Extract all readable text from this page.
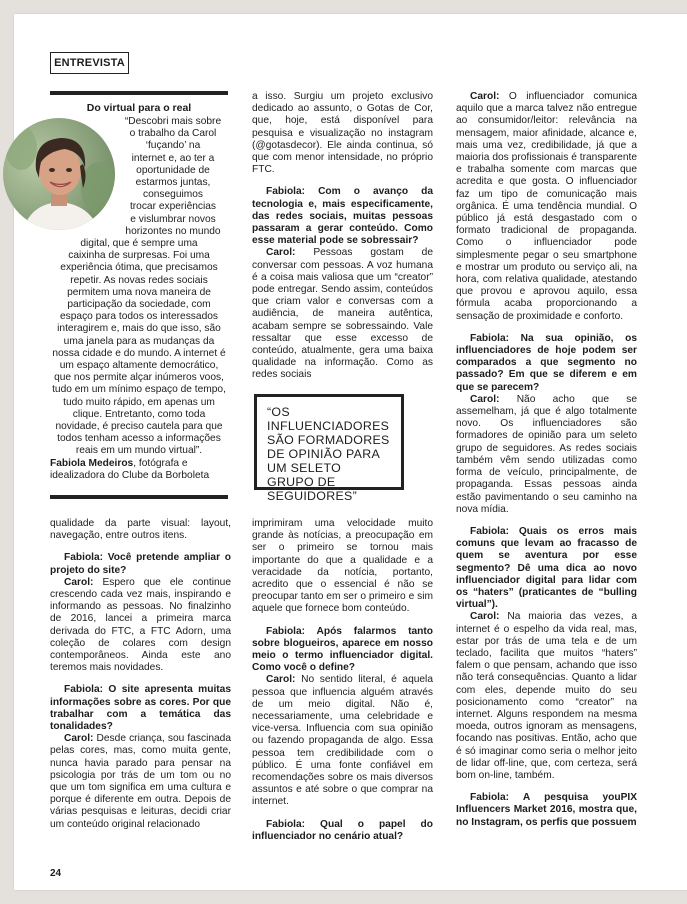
ENTREVISTA
Do virtual para o real
“Descobri mais sobre
o trabalho da Carol
‘fuçando’ na
internet e, ao ter a
oportunidade de
estarmos juntas,
conseguimos
trocar experiências
e vislumbrar novos
horizontes no mundo
digital, que é sempre uma
caixinha de surpresas. Foi uma
experiência ótima, que precisamos repetir. As novas redes sociais permitem uma nova maneira de participação da sociedade, com espaço para todos os interessados interagirem e, mais do que isso, são uma janela para as mudanças da nossa cidade e do mundo. A internet é um espaço altamente democrático, que nos permite alçar inúmeros voos, tudo em um mínimo espaço de tempo, tudo muito rápido, em apenas um clique. Entretanto, como toda novidade, é preciso cautela para que todos tenham acesso a informações reais em um mundo virtual”.
Fabiola Medeiros, fotógrafa e idealizadora do Clube da Borboleta

a isso. Surgiu um projeto exclusivo dedicado ao assunto, o Gotas de Cor, que, hoje, está disponível para pesquisa e visualização no instagram (@gotasdecor). Ele ainda continua, só que com menor intensidade, no próprio FTC.

Fabiola: Com o avanço da tecnologia e, mais especificamente, das redes sociais, muitas pessoas passaram a gerar conteúdo. Como esse material pode se sobressair?

Carol: Pessoas gostam de conversar com pessoas. A voz humana é a coisa mais valiosa que um “creator” pode entregar. Sendo assim, conteúdos que criam valor e conversas com a audiência, de maneira autêntica, acabam sempre se sobressaindo. Vale ressaltar que esse excesso de conteúdo, atualmente, gera uma baixa qualidade na informação. Como as redes sociais

Carol: O influenciador comunica aquilo que a marca talvez não entregue ao consumidor/leitor: relevância na mensagem, maior afinidade, alcance e, mais uma vez, credibilidade, já que a maioria dos profissionais é transparente e trabalha somente com marcas que acredita e que gosta. O influenciador faz um tipo de comunicação mais orgânica. É uma tendência mundial. O público já está desgastado com o formato tradicional de propaganda. Como o influenciador pode simplesmente pegar o seu smartphone e mostrar um produto ou serviço ali, na hora, com relativa qualidade, atestando que provou e aprovou aquilo, essa fórmula acaba proporcionando a sensação de proximidade e conforto.

Fabiola: Na sua opinião, os influenciadores de hoje podem ser comparados a que segmento no passado? Em que se diferem e em que se parecem?

Carol: Não acho que se assemelham, já que é algo totalmente novo. Os influenciadores são formadores de opinião para um seleto grupo de seguidores. As redes sociais também vêm sendo utilizadas como forma de veículo, principalmente, de propaganda. Essas pessoas ainda estão pavimentando o seu caminho na nova mídia.

Fabiola: Quais os erros mais comuns que levam ao fracasso de quem se aventura por esse segmento? Dê uma dica ao novo influenciador digital para lidar com os “haters” (praticantes de “bulling virtual”).

Carol: Na maioria das vezes, a internet é o espelho da vida real, mas, estar por trás de uma tela e de um teclado, facilita que muitos “haters” falem o que pensam, achando que isso não terá consequências. Quanto a lidar com eles, depende muito do seu posicionamento como “creator” na internet. Alguns respondem na mesma moeda, outros ignoram as mensagens, focando nas positivas. Então, acho que é só imaginar como seria o melhor jeito de lidar off-line, que, com certeza, será bom on-line, também.

Fabiola: A pesquisa youPIX Influencers Market 2016, mostra que, no Instagram, os perfis que possuem

qualidade da parte visual: layout, navegação, entre outros itens.

Fabiola: Você pretende ampliar o projeto do site?

Carol: Espero que ele continue crescendo cada vez mais, inspirando e informando as pessoas. No finalzinho de 2016, lancei a primeira marca derivada do FTC, a FTC Adorn, uma coleção de colares com design contemporâneos. Ainda este ano teremos mais novidades.

Fabiola: O site apresenta muitas informações sobre as cores. Por que trabalhar com a temática das tonalidades?

Carol: Desde criança, sou fascinada pelas cores, mas, como muita gente, nunca havia parado para pensar na psicologia por trás de um tom ou no que um tom significa em uma cultura e porque é diferente em outra. Depois de várias pesquisas e leituras, decidi criar um conteúdo original relacionado

imprimiram uma velocidade muito grande às notícias, a preocupação em ser o primeiro se tornou mais importante do que a qualidade e a veracidade da notícia, portanto, acredito que o essencial é não se preocupar tanto em ser o primeiro e sim aquele que fornece bom conteúdo.

Fabiola: Após falarmos tanto sobre blogueiros, aparece em nosso meio o termo influenciador digital. Como você o define?

Carol: No sentido literal, é aquela pessoa que influencia alguém através de um meio digital. Não é, necessariamente, uma celebridade e vice-versa. Influencia com sua opinião ou fazendo propaganda de algo. Essa pessoa tem credibilidade com o público. É uma fonte confiável em recomendações sobre os mais diversos assuntos e até sobre o que comprar na internet.

Fabiola: Qual o papel do influenciador no cenário atual?

“OS INFLUENCIADORES SÃO FORMADORES DE OPINIÃO PARA UM SELETO GRUPO DE SEGUIDORES”
24
